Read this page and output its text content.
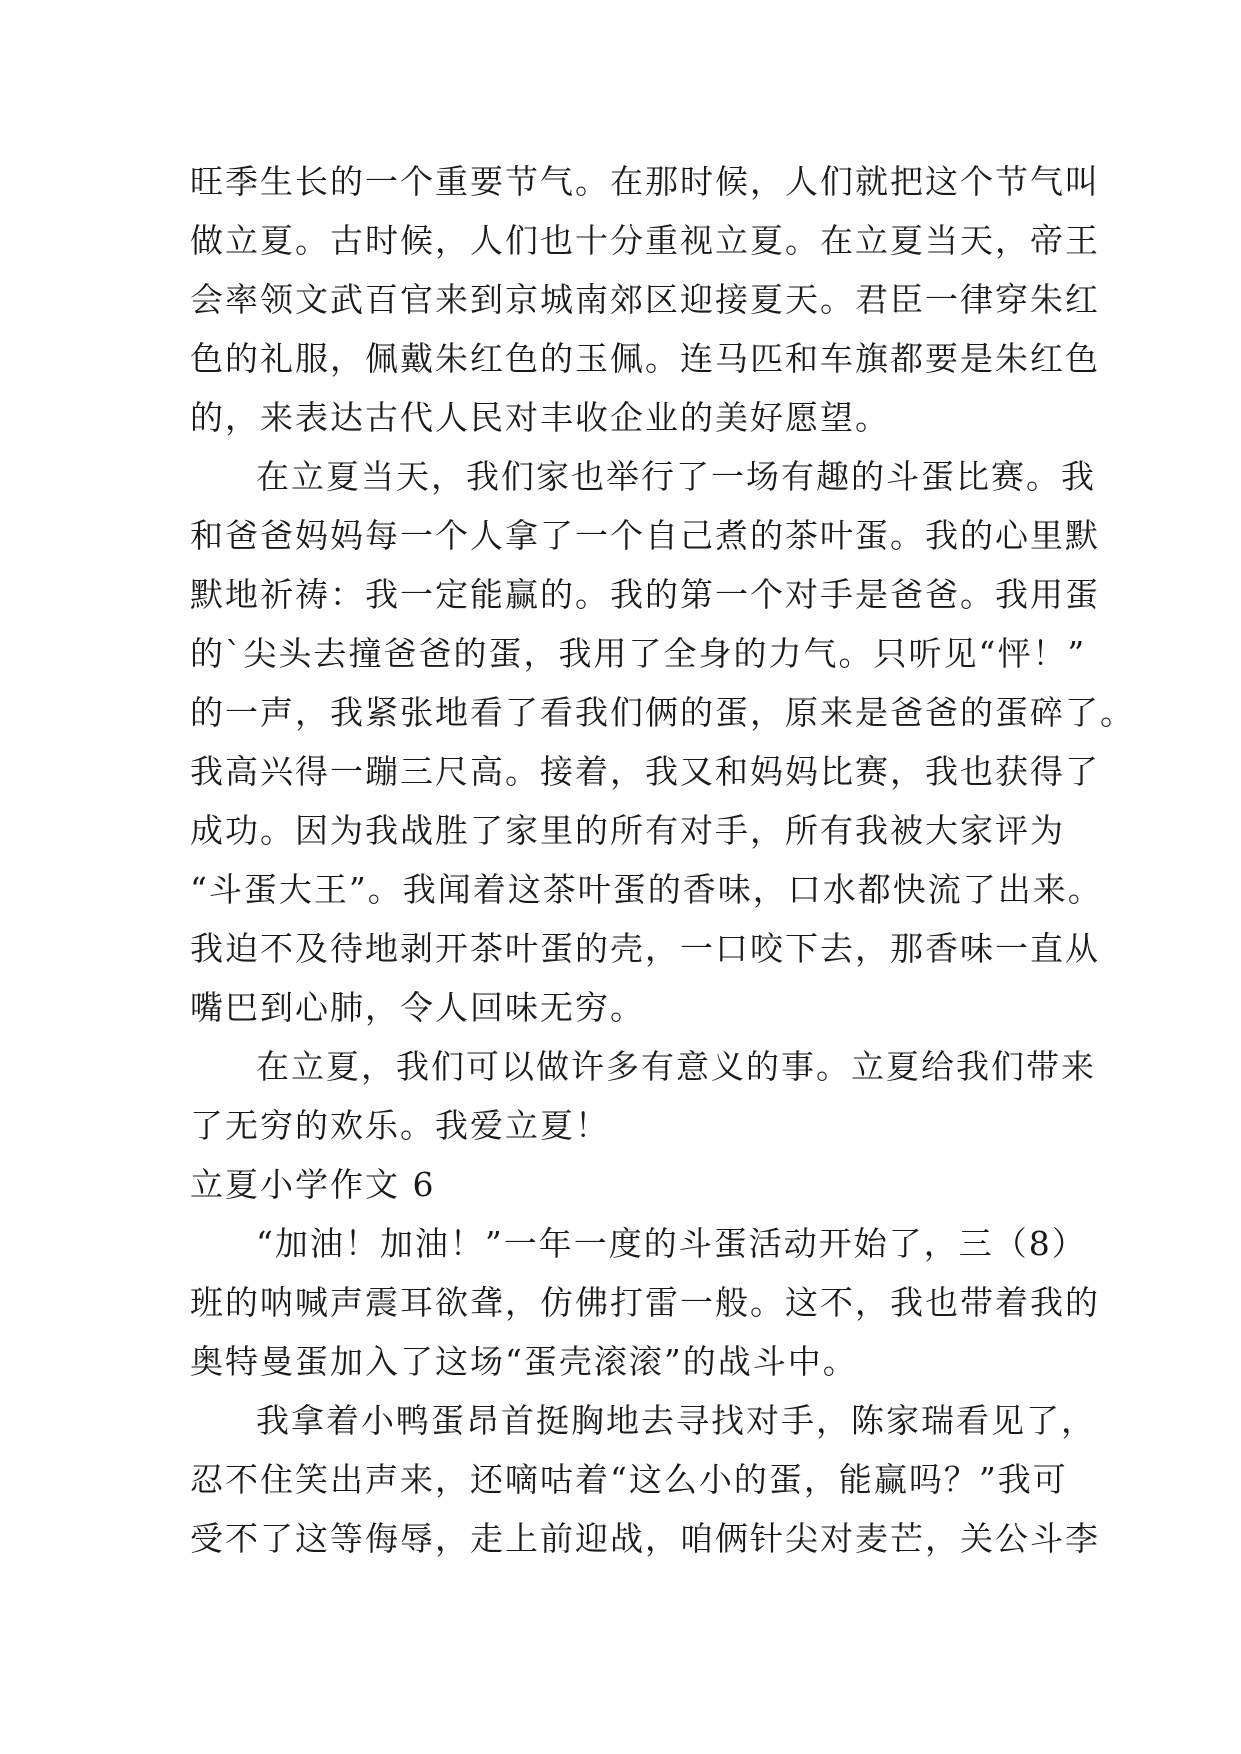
旺季生长的一个重要节气。在那时候，人们就把这个节气叫
做立夏。古时候，人们也十分重视立夏。在立夏当天，帝王
会率领文武百官来到京城南郊区迎接夏天。君臣一律穿朱红
色的礼服，佩戴朱红色的玉佩。连马匹和车旗都要是朱红色
的，来表达古代人民对丰收企业的美好愿望。
在立夏当天，我们家也举行了一场有趣的斗蛋比赛。我
和爸爸妈妈每一个人拿了一个自己煮的茶叶蛋。我的心里默
默地祈祷：我一定能赢的。我的第一个对手是爸爸。我用蛋
的`尖头去撞爸爸的蛋，我用了全身的力气。只听见“怦！”
的一声，我紧张地看了看我们俩的蛋，原来是爸爸的蛋碎了。
我高兴得一蹦三尺高。接着，我又和妈妈比赛，我也获得了
成功。因为我战胜了家里的所有对手，所有我被大家评为
“斗蛋大王”。我闻着这茶叶蛋的香味，口水都快流了出来。
我迫不及待地剥开茶叶蛋的壳，一口咬下去，那香味一直从
嘴巴到心肺，令人回味无穷。
在立夏，我们可以做许多有意义的事。立夏给我们带来
了无穷的欢乐。我爱立夏！
立夏小学作文 6
“加油！加油！”一年一度的斗蛋活动开始了，三（8）
班的呐喊声震耳欲聋，仿佛打雷一般。这不，我也带着我的
奥特曼蛋加入了这场“蛋壳滚滚”的战斗中。
我拿着小鸭蛋昂首挺胸地去寻找对手，陈家瑞看见了，
忍不住笑出声来，还嘀咕着“这么小的蛋，能赢吗？”我可
受不了这等侮辱，走上前迎战，咱俩针尖对麦芒，关公斗李
